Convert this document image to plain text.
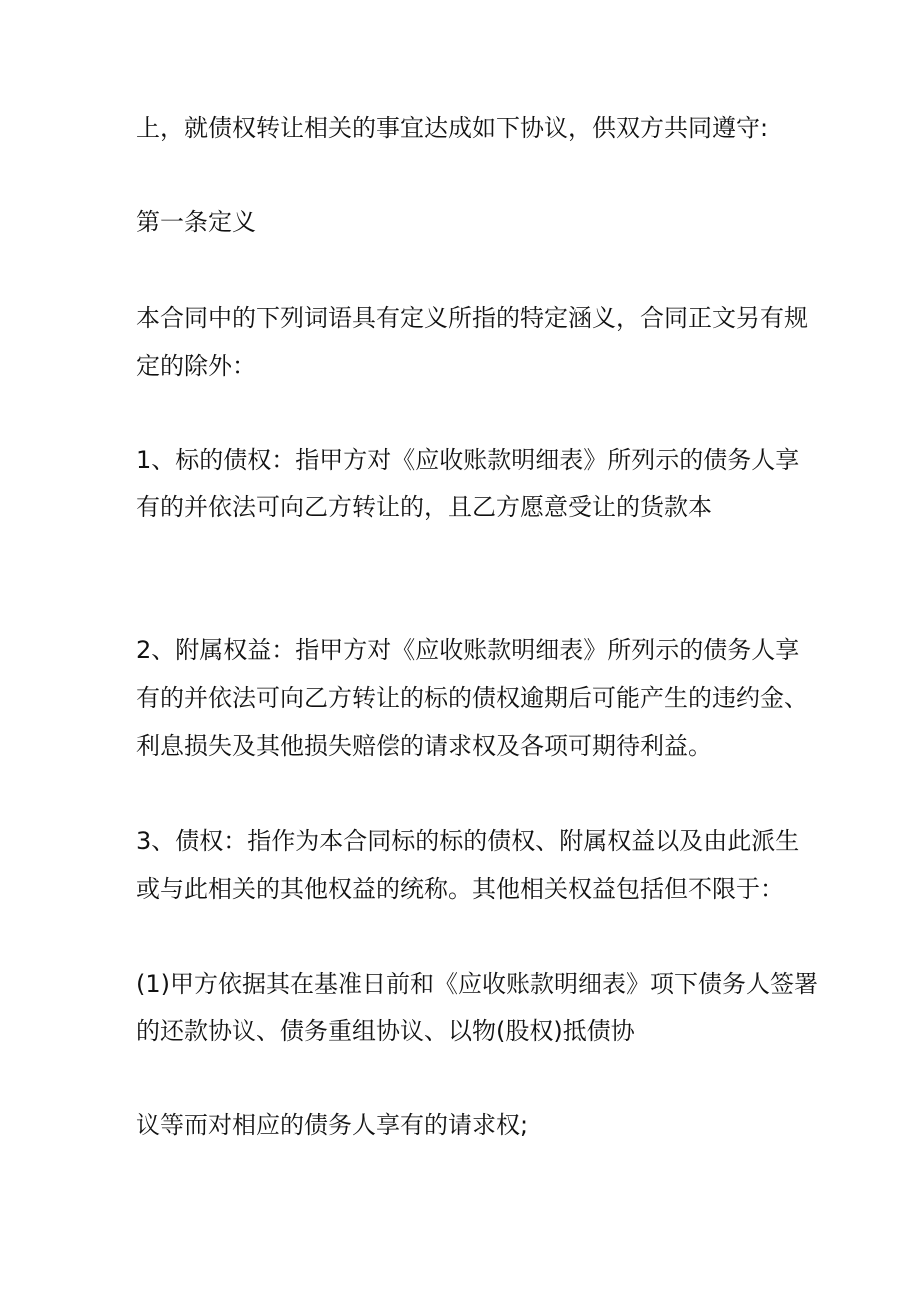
上，就债权转让相关的事宜达成如下协议，供双方共同遵守:
第一条定义
本合同中的下列词语具有定义所指的特定涵义，合同正文另有规
定的除外：
1、标的债权：指甲方对《应收账款明细表》所列示的债务人享
有的并依法可向乙方转让的，且乙方愿意受让的货款本
2、附属权益：指甲方对《应收账款明细表》所列示的债务人享
有的并依法可向乙方转让的标的债权逾期后可能产生的违约金、
利息损失及其他损失赔偿的请求权及各项可期待利益。
3、债权：指作为本合同标的标的债权、附属权益以及由此派生
或与此相关的其他权益的统称。其他相关权益包括但不限于：
(1)甲方依据其在基准日前和《应收账款明细表》项下债务人签署
的还款协议、债务重组协议、以物(股权)抵债协
议等而对相应的债务人享有的请求权;
